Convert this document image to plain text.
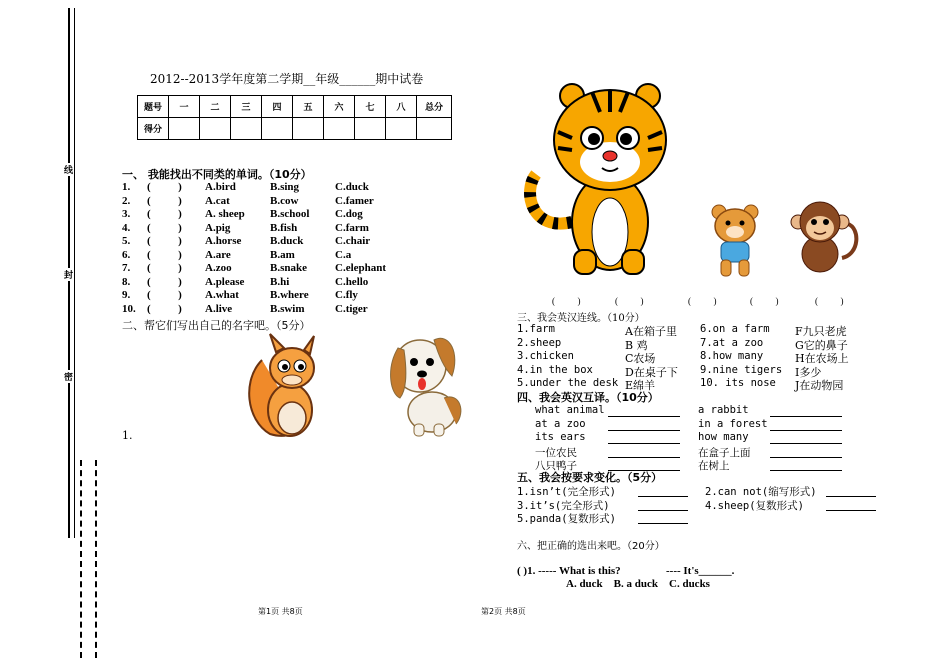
线
封
密
2012--2013学年度第二学期__年级______期中试卷
题号	一	二	三	四	五	六	七	八	总分
得分									
一、 我能找出不同类的单词。（10分）
1. (          ) A.bird	B.sing	C.duck
2. (          ) A.cat	B.cow	C.famer
3. (          ) A. sheep B.school C.dog
4. (          ) A.pig	B.fish	C.farm
5. (          ) A.horse	B.duck	C.chair
6. (          ) A.are	B.am	C.a
7. (          ) A.zoo	B.snake	C.elephant
8. (          ) A.please B.hi	C.hello
9. (          ) A.what	B.where C.fly
10. (          ) A.live	B.swim	C.tiger
二、帮它们写出自己的名字吧。（5分）
1.
第1页 共8页	第2页 共8页
(          )	(          )	(          )	(          )	(          )
三、我会英汉连线。（10分）
1.farm	A在箱子里
2.sheep	B 鸡
3.chicken	C农场
4.in the box	D在桌子下
5.under the desk E绵羊
6.on a farm F九只老虎
7.at a zoo	G它的鼻子
8.how many	H在农场上
9.nine tigers I多少
10. its nose J在动物园
四、我会英汉互译。（10分）
what animal
at a zoo
its ears
一位农民
八只鸭子
a rabbit
in a forest
how many
在盒子上面
在树上
五、我会按要求变化。（5分）
1.isn’t(完全形式)	2.can not(缩写形式)
3.it’s(完全形式)	4.sheep(复数形式)
5.panda(复数形式)
六、把正确的选出来吧。（20分）
( )1. ----- What is this?	---- It's______.
A. duck    B. a duck    C. ducks
